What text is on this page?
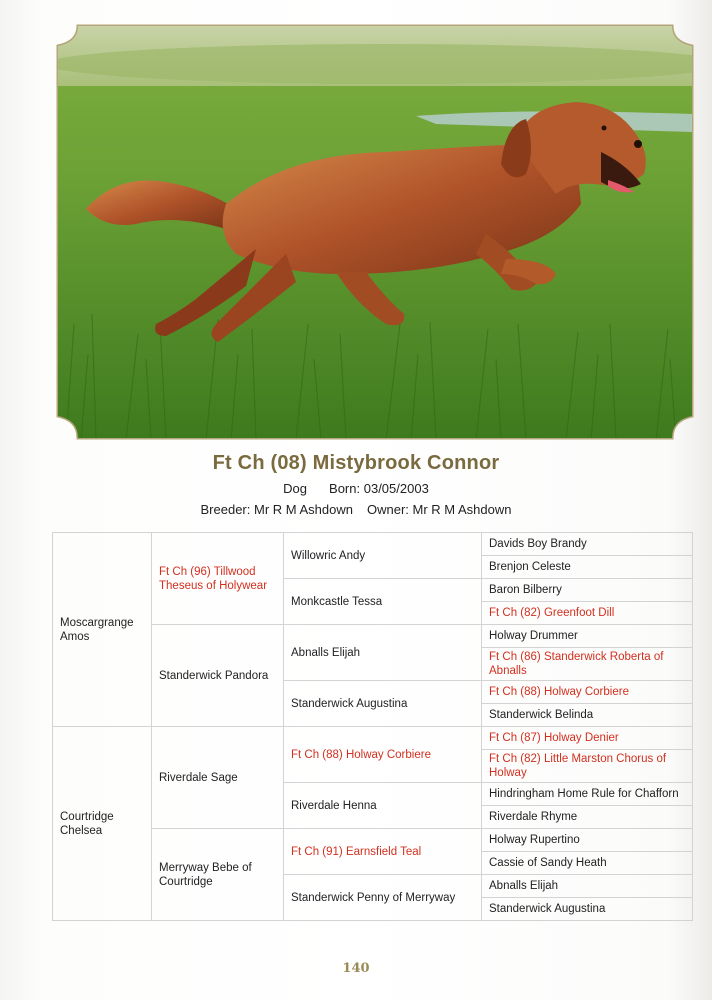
Ft Ch (08) Mistybrook Connor
Dog Born: 03/05/2003
Breeder: Mr R M Ashdown Owner: Mr R M Ashdown
Moscargrange Amos	Ft Ch (96) Tillwood Theseus of Holywear	Willowric Andy	Davids Boy Brandy
			Brenjon Celeste
		Monkcastle Tessa	Baron Bilberry
			Ft Ch (82) Greenfoot Dill
	Standerwick Pandora	Abnalls Elijah	Holway Drummer
			Ft Ch (86) Standerwick Roberta of Abnalls
		Standerwick Augustina	Ft Ch (88) Holway Corbiere
			Standerwick Belinda
Courtridge Chelsea	Riverdale Sage	Ft Ch (88) Holway Corbiere	Ft Ch (87) Holway Denier
			Ft Ch (82) Little Marston Chorus of Holway
		Riverdale Henna	Hindringham Home Rule for Chafforn
			Riverdale Rhyme
	Merryway Bebe of Courtridge	Ft Ch (91) Earnsfield Teal	Holway Rupertino
			Cassie of Sandy Heath
		Standerwick Penny of Merryway	Abnalls Elijah
			Standerwick Augustina
140
